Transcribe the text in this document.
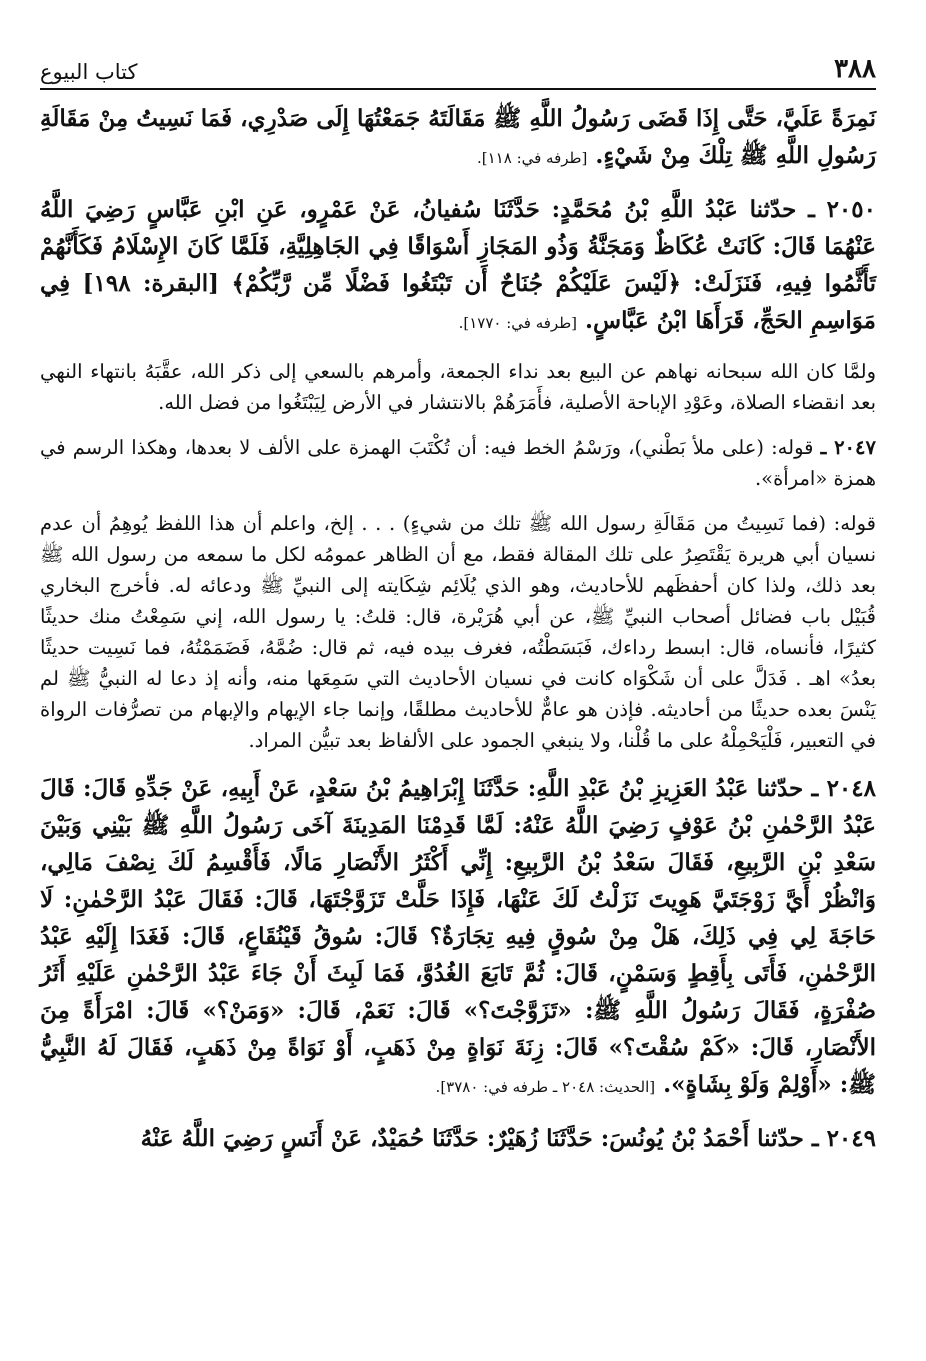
٣٨٨
كتاب البيوع

نَمِرَةً عَلَيَّ، حَتَّى إِذَا قَضَى رَسُولُ اللَّهِ ﷺ مَقَالَتَهُ جَمَعْتُهَا إِلَى صَدْرِي، فَمَا نَسِيتُ مِنْ مَقَالَةِ رَسُولِ اللَّهِ ﷺ تِلْكَ مِنْ شَيْءٍ. [طرفه في: ١١٨].

٢٠٥٠ ـ حدّثنا عَبْدُ اللَّهِ بْنُ مُحَمَّدٍ: حَدَّثَنَا سُفيانُ، عَنْ عَمْرٍو، عَنِ ابْنِ عَبَّاسٍ رَضِيَ اللَّهُ عَنْهُمَا قَالَ: كَانَتْ عُكَاظٌ وَمَجَنَّةُ وَذُو المَجَازِ أَسْوَاقًا فِي الجَاهِلِيَّةِ، فَلَمَّا كَانَ الإِسْلَامُ فَكَأَنَّهُمْ تَأَثَّمُوا فِيهِ، فَنَزَلَتْ: ﴿لَيْسَ عَلَيْكُمْ جُنَاحٌ أَن تَبْتَغُوا فَضْلًا مِّن رَّبِّكُمْ﴾ [البقرة: ١٩٨] فِي مَوَاسِمِ الحَجِّ، قَرَأَهَا ابْنُ عَبَّاسٍ. [طرفه في: ١٧٧٠].

ولمَّا كان الله سبحانه نهاهم عن البيع بعد نداء الجمعة، وأمرهم بالسعي إلى ذكر الله، عقَّبَهُ بانتهاء النهي بعد انقضاء الصلاة، وعَوْدِ الإباحة الأصلية، فأَمَرَهُمْ بالانتشار في الأرض لِيَبْتَغُوا من فضل الله.

٢٠٤٧ ـ قوله: (على ملأ بَطْني)، ورَسْمُ الخط فيه: أن تُكْتَبَ الهمزة على الألف لا بعدها، وهكذا الرسم في همزة «امرأة».

قوله: (فما نَسِيتُ من مَقَالَةِ رسول الله ﷺ تلك من شيءٍ) . . . إلخ، واعلم أن هذا اللفظ يُوهِمُ أن عدم نسيان أبي هريرة يَقْتَصِرُ على تلك المقالة فقط، مع أن الظاهر عمومُه لكل ما سمعه من رسول الله ﷺ بعد ذلك، ولذا كان أحفظَهم للأحاديث، وهو الذي يُلَائِم شِكَايته إلى النبيِّ ﷺ ودعائه له. فأخرج البخاري قُبَيْل باب فضائل أصحاب النبيِّ ﷺ، عن أبي هُرَيْرة، قال: قلتُ: يا رسول الله، إني سَمِعْتُ منك حديثًا كثيرًا، فأنساه، قال: ابسط رداءك، فَبَسَطْتُه، فغرف بيده فيه، ثم قال: ضُمَّهُ، فَضَمَمْتُهُ، فما نَسِيت حديثًا بعدُ» اهـ . فَدَلَّ على أن شَكْوَاه كانت في نسيان الأحاديث التي سَمِعَها منه، وأنه إذ دعا له النبيُّ ﷺ لم يَنْسَ بعده حديثًا من أحاديثه. فإذن هو عامٌّ للأحاديث مطلقًا، وإنما جاء الإيهام والإبهام من تصرُّفات الرواة في التعبير، فَلْيَحْمِلْهُ على ما قُلْنا، ولا ينبغي الجمود على الألفاظ بعد تبيُّن المراد.

٢٠٤٨ ـ حدّثنا عَبْدُ العَزِيزِ بْنُ عَبْدِ اللَّهِ: حَدَّثَنَا إِبْرَاهِيمُ بْنُ سَعْدٍ، عَنْ أَبِيهِ، عَنْ جَدِّهِ قَالَ: قَالَ عَبْدُ الرَّحْمٰنِ بْنُ عَوْفٍ رَضِيَ اللَّهُ عَنْهُ: لَمَّا قَدِمْنَا المَدِينَةَ آخَى رَسُولُ اللَّهِ ﷺ بَيْنِي وَبَيْنَ سَعْدِ بْنِ الرَّبِيعِ، فَقَالَ سَعْدُ بْنُ الرَّبِيعِ: إِنِّي أَكْثَرُ الأَنْصَارِ مَالًا، فَأَقْسِمُ لَكَ نِصْفَ مَالِي، وَانْظُرْ أَيَّ زَوْجَتَيَّ هَوِيتَ نَزَلْتُ لَكَ عَنْهَا، فَإِذَا حَلَّتْ تَزَوَّجْتَهَا، قَالَ: فَقَالَ عَبْدُ الرَّحْمٰنِ: لَا حَاجَةَ لِي فِي ذَلِكَ، هَلْ مِنْ سُوقٍ فِيهِ تِجَارَةٌ؟ قَالَ: سُوقُ قَيْنُقَاعٍ، قَالَ: فَغَدَا إِلَيْهِ عَبْدُ الرَّحْمٰنِ، فَأَتَى بِأَقِطٍ وَسَمْنٍ، قَالَ: ثُمَّ تَابَعَ الغُدُوَّ، فَمَا لَبِثَ أَنْ جَاءَ عَبْدُ الرَّحْمٰنِ عَلَيْهِ أَثَرُ صُفْرَةٍ، فَقَالَ رَسُولُ اللَّهِ ﷺ: «تَزَوَّجْتَ؟» قَالَ: نَعَمْ، قَالَ: «وَمَنْ؟» قَالَ: امْرَأَةً مِنَ الأَنْصَارِ، قَالَ: «كَمْ سُقْتَ؟» قَالَ: زِنَةَ نَوَاةٍ مِنْ ذَهَبٍ، أَوْ نَوَاةً مِنْ ذَهَبٍ، فَقَالَ لَهُ النَّبِيُّ ﷺ: «أَوْلِمْ وَلَوْ بِشَاةٍ». [الحديث: ٢٠٤٨ ـ طرفه في: ٣٧٨٠].

٢٠٤٩ ـ حدّثنا أَحْمَدُ بْنُ يُونُسَ: حَدَّثَنَا زُهَيْرٌ: حَدَّثَنَا حُمَيْدٌ، عَنْ أَنَسٍ رَضِيَ اللَّهُ عَنْهُ
